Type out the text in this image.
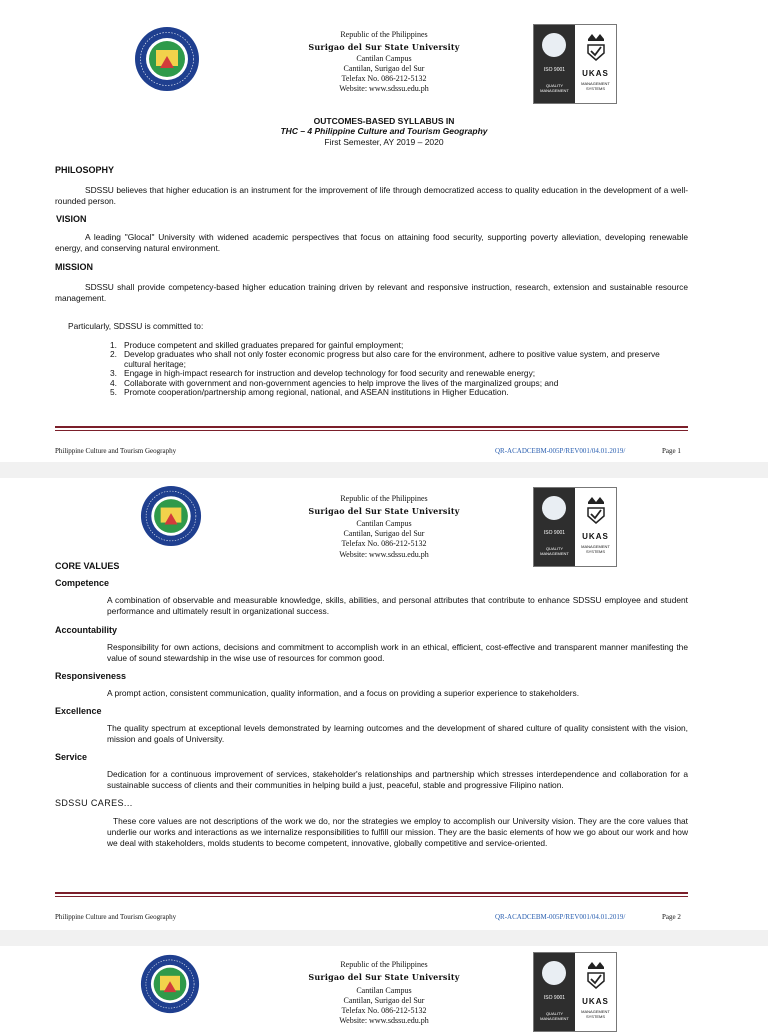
Republic of the Philippines
Surigao del Sur State University
Cantilan Campus
Cantilan, Surigao del Sur
Telefax No. 086-212-5132
Website: www.sdssu.edu.ph
ISO 9001
QUALITY MANAGEMENT
UKAS
MANAGEMENT SYSTEMS
OUTCOMES-BASED SYLLABUS IN
THC – 4 Philippine Culture and Tourism Geography
First Semester, AY 2019 – 2020
PHILOSOPHY
SDSSU believes that higher education is an instrument for the improvement of life through democratized access to quality education in the development of a well-rounded person.
VISION
A leading "Glocal" University with widened academic perspectives that focus on attaining food security, supporting poverty alleviation, developing renewable energy, and conserving natural environment.
MISSION
SDSSU shall provide competency-based higher education training driven by relevant and responsive instruction, research, extension and sustainable resource management.
Particularly, SDSSU is committed to:
1. Produce competent and skilled graduates prepared for gainful employment;
2. Develop graduates who shall not only foster economic progress but also care for the environment, adhere to positive value system, and preserve cultural heritage;
3. Engage in high-impact research for instruction and develop technology for food security and renewable energy;
4. Collaborate with government and non-government agencies to help improve the lives of the marginalized groups; and
5. Promote cooperation/partnership among regional, national, and ASEAN institutions in Higher Education.
Philippine Culture and Tourism Geography	QR-ACADCEBM-005P/REV001/04.01.2019/	Page 1
Republic of the Philippines
Surigao del Sur State University
Cantilan Campus
Cantilan, Surigao del Sur
Telefax No. 086-212-5132
Website: www.sdssu.edu.ph
ISO 9001
QUALITY MANAGEMENT
UKAS
MANAGEMENT SYSTEMS
CORE VALUES
Competence
A combination of observable and measurable knowledge, skills, abilities, and personal attributes that contribute to enhance SDSSU employee and student performance and ultimately result in organizational success.
Accountability
Responsibility for own actions, decisions and commitment to accomplish work in an ethical, efficient, cost-effective and transparent manner manifesting the value of sound stewardship in the wise use of resources for common good.
Responsiveness
A prompt action, consistent communication, quality information, and a focus on providing a superior experience to stakeholders.
Excellence
The quality spectrum at exceptional levels demonstrated by learning outcomes and the development of shared culture of quality consistent with the vision, mission and goals of University.
Service
Dedication for a continuous improvement of services, stakeholder's relationships and partnership which stresses interdependence and collaboration for a sustainable success of clients and their communities in helping build a just, peaceful, stable and progressive Filipino nation.
SDSSU CARES...
These core values are not descriptions of the work we do, nor the strategies we employ to accomplish our University vision. They are the core values that underlie our works and interactions as we internalize responsibilities to fulfill our mission. They are the basic elements of how we go about our work and how we deal with stakeholders, molds students to become competent, innovative, globally competitive and service-oriented.
Philippine Culture and Tourism Geography	QR-ACADCEBM-005P/REV001/04.01.2019/	Page 2
Republic of the Philippines
Surigao del Sur State University
Cantilan Campus
Cantilan, Surigao del Sur
Telefax No. 086-212-5132
Website: www.sdssu.edu.ph
ISO 9001
QUALITY MANAGEMENT
UKAS
MANAGEMENT SYSTEMS
